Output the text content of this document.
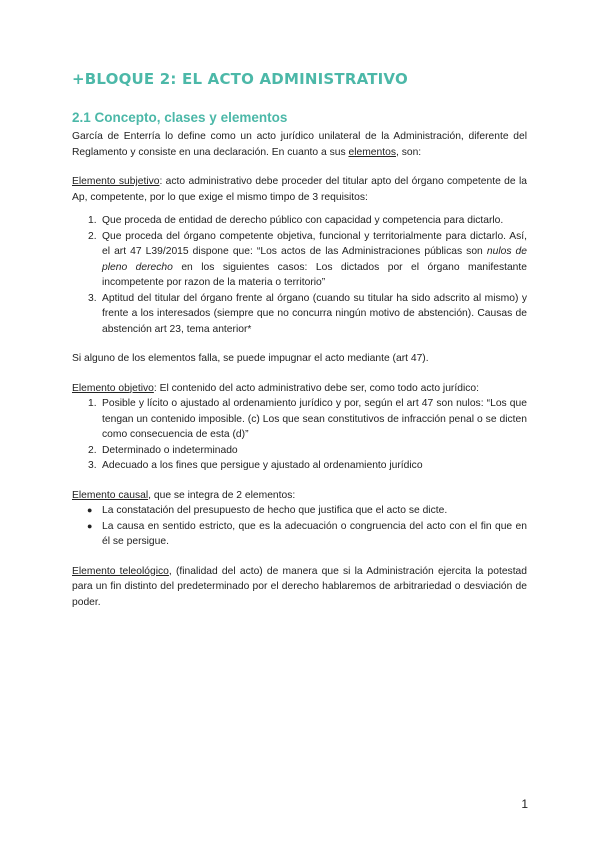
+BLOQUE 2: EL ACTO ADMINISTRATIVO
2.1 Concepto, clases y elementos

García de Enterría lo define como un acto jurídico unilateral de la Administración, diferente del Reglamento y consiste en una declaración. En cuanto a sus elementos, son:

Elemento subjetivo: acto administrativo debe proceder del titular apto del órgano competente de la Ap, competente, por lo que exige el mismo timpo de 3 requisitos:

1. Que proceda de entidad de derecho público con capacidad y competencia para dictarlo.
2. Que proceda del órgano competente objetiva, funcional y territorialmente para dictarlo. Así, el art 47 L39/2015 dispone que: “Los actos de las Administraciones públicas son nulos de pleno derecho en los siguientes casos: Los dictados por el órgano manifestante incompetente por razon de la materia o territorio”
3. Aptitud del titular del órgano frente al órgano (cuando su titular ha sido adscrito al mismo) y frente a los interesados (siempre que no concurra ningún motivo de abstención). Causas de abstención art 23, tema anterior*

Si alguno de los elementos falla, se puede impugnar el acto mediante (art 47).

Elemento objetivo: El contenido del acto administrativo debe ser, como todo acto jurídico:

1. Posible y lícito o ajustado al ordenamiento jurídico y por, según el art 47 son nulos: “Los que tengan un contenido imposible. (c) Los que sean constitutivos de infracción penal o se dicten como consecuencia de esta (d)”
2. Determinado o indeterminado
3. Adecuado a los fines que persigue y ajustado al ordenamiento jurídico

Elemento causal, que se integra de 2 elementos:

● La constatación del presupuesto de hecho que justifica que el acto se dicte.
● La causa en sentido estricto, que es la adecuación o congruencia del acto con el fin que en él se persigue.

Elemento teleológico, (finalidad del acto) de manera que si la Administración ejercita la potestad para un fin distinto del predeterminado por el derecho hablaremos de arbitrariedad o desviación de poder.

1
